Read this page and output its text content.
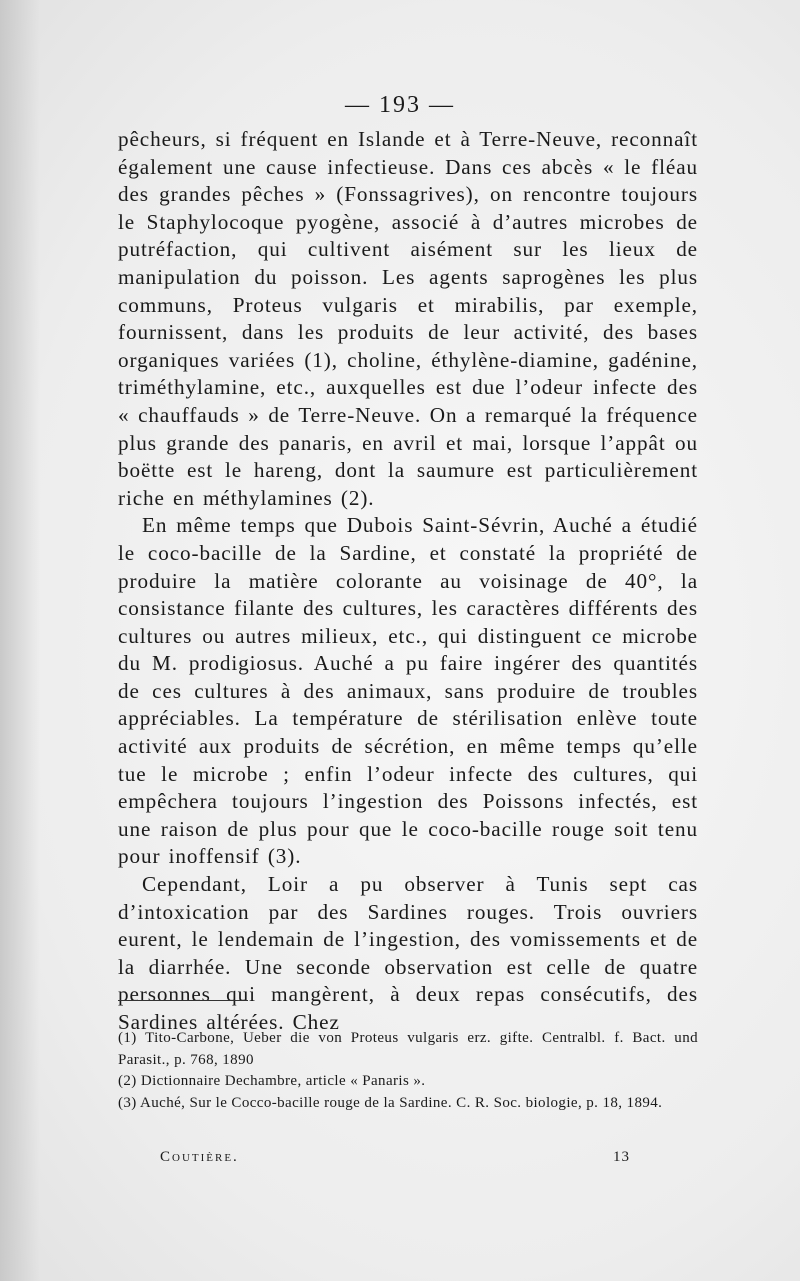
— 193 —

pêcheurs, si fréquent en Islande et à Terre-Neuve, reconnaît également une cause infectieuse. Dans ces abcès « le fléau des grandes pêches » (Fonssagrives), on rencontre toujours le Staphylocoque pyogène, associé à d’autres microbes de putréfaction, qui cultivent aisément sur les lieux de manipulation du poisson. Les agents saprogènes les plus communs, Proteus vulgaris et mirabilis, par exemple, fournissent, dans les produits de leur activité, des bases organiques variées (1), choline, éthylène-diamine, gadénine, triméthylamine, etc., auxquelles est due l’odeur infecte des « chauffauds » de Terre-Neuve. On a remarqué la fréquence plus grande des panaris, en avril et mai, lorsque l’appât ou boëtte est le hareng, dont la saumure est particulièrement riche en méthylamines (2).

En même temps que Dubois Saint-Sévrin, Auché a étudié le coco-bacille de la Sardine, et constaté la propriété de produire la matière colorante au voisinage de 40°, la consistance filante des cultures, les caractères différents des cultures ou autres milieux, etc., qui distinguent ce microbe du M. prodigiosus. Auché a pu faire ingérer des quantités de ces cultures à des animaux, sans produire de troubles appréciables. La température de stérilisation enlève toute activité aux produits de sécrétion, en même temps qu’elle tue le microbe ; enfin l’odeur infecte des cultures, qui empêchera toujours l’ingestion des Poissons infectés, est une raison de plus pour que le coco-bacille rouge soit tenu pour inoffensif (3).

Cependant, Loir a pu observer à Tunis sept cas d’intoxication par des Sardines rouges. Trois ouvriers eurent, le lendemain de l’ingestion, des vomissements et de la diarrhée. Une seconde observation est celle de quatre personnes qui mangèrent, à deux repas consécutifs, des Sardines altérées. Chez

(1) Tito-Carbone, Ueber die von Proteus vulgaris erz. gifte. Centralbl. f. Bact. und Parasit., p. 768, 1890

(2) Dictionnaire Dechambre, article « Panaris ».

(3) Auché, Sur le Cocco-bacille rouge de la Sardine. C. R. Soc. biologie, p. 18, 1894.

Coutière.	13
